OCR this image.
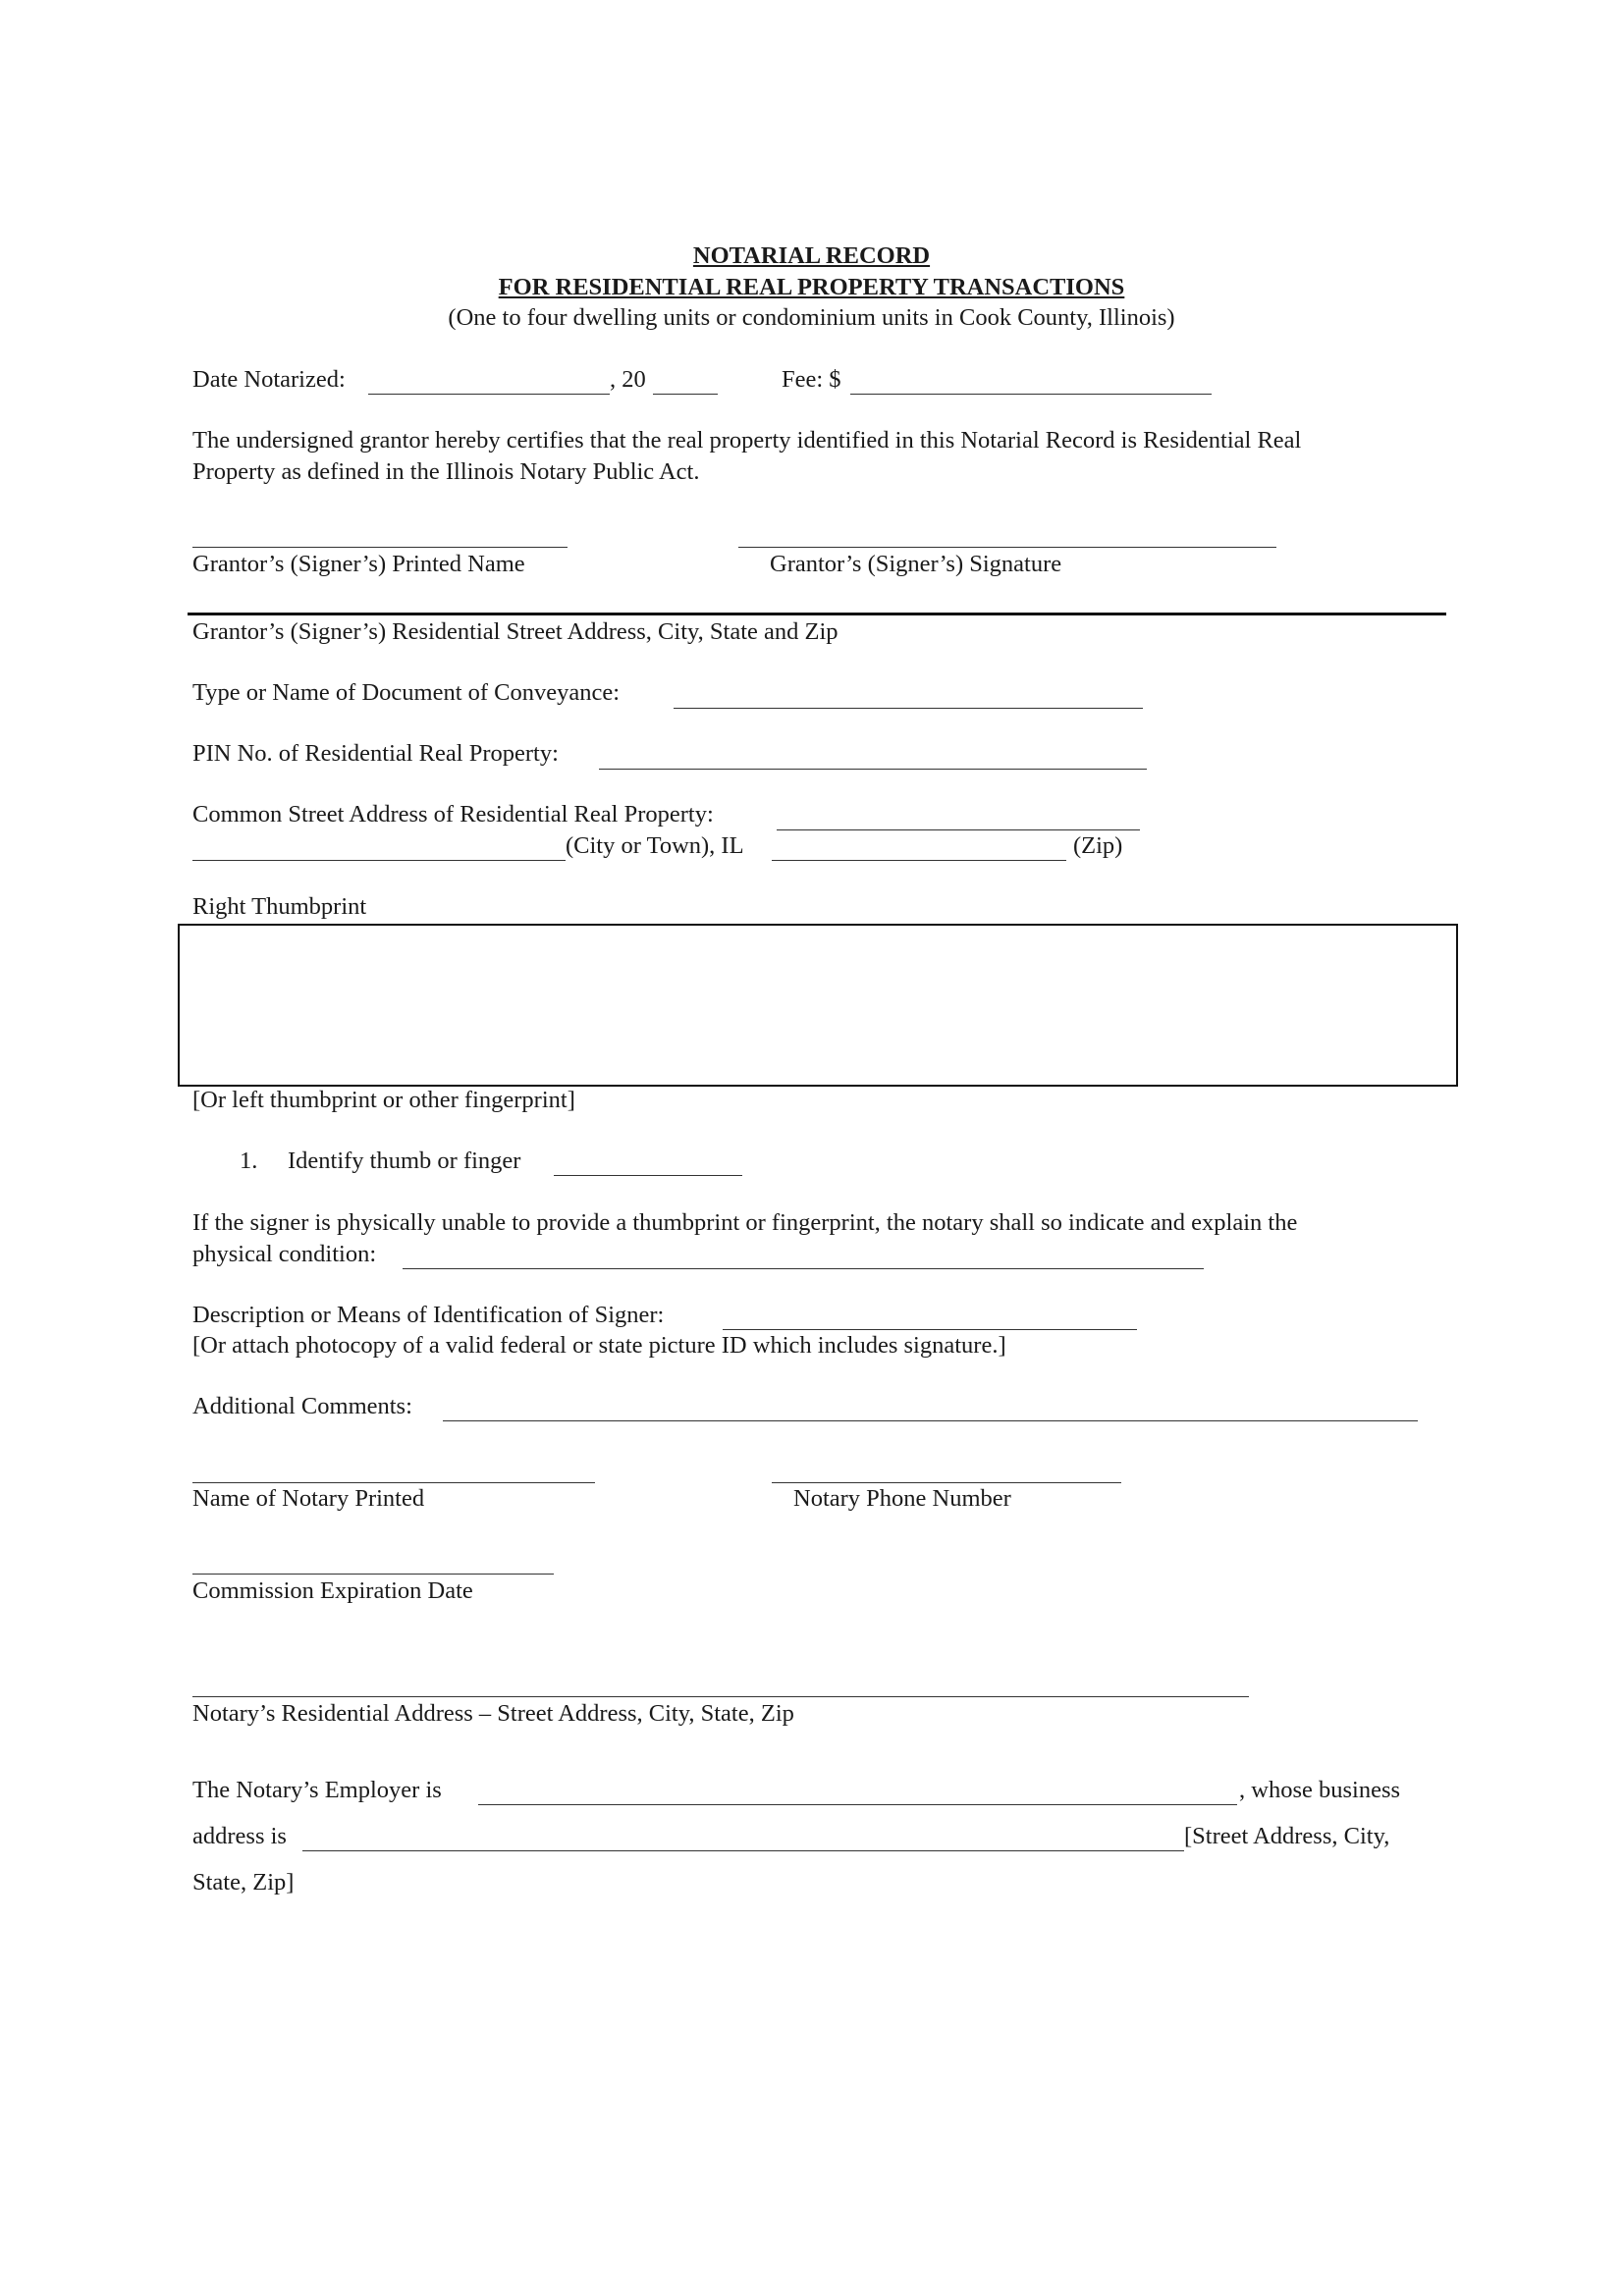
NOTARIAL RECORD
FOR RESIDENTIAL REAL PROPERTY TRANSACTIONS
(One to four dwelling units or condominium units in Cook County, Illinois)
Date Notarized:	, 20	Fee: $
The undersigned grantor hereby certifies that the real property identified in this Notarial Record is Residential Real
Property as defined in the Illinois Notary Public Act.
Grantor’s (Signer’s) Printed Name	Grantor’s (Signer’s) Signature
Grantor’s (Signer’s) Residential Street Address, City, State and Zip
Type or Name of Document of Conveyance:
PIN No. of Residential Real Property:
Common Street Address of Residential Real Property:
(City or Town), IL	(Zip)
Right Thumbprint
[Or left thumbprint or other fingerprint]
1. Identify thumb or finger
If the signer is physically unable to provide a thumbprint or fingerprint, the notary shall so indicate and explain the
physical condition:
Description or Means of Identification of Signer:
[Or attach photocopy of a valid federal or state picture ID which includes signature.]
Additional Comments:
Name of Notary Printed	Notary Phone Number
Commission Expiration Date
Notary’s Residential Address – Street Address, City, State, Zip
The Notary’s Employer is	, whose business
address is	[Street Address, City,
State, Zip]
